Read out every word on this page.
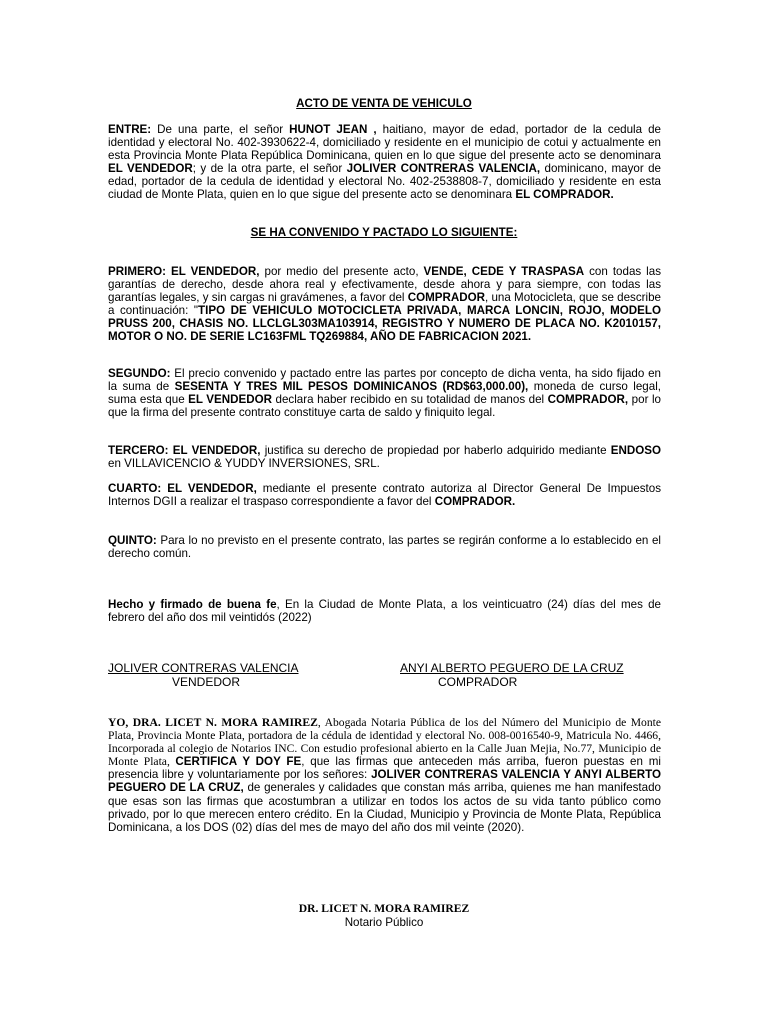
ACTO DE VENTA DE VEHICULO

ENTRE: De una parte, el señor HUNOT JEAN , haitiano, mayor de edad, portador de la cedula de identidad y electoral No. 402-3930622-4, domiciliado y residente en el municipio de cotui y actualmente en esta Provincia Monte Plata República Dominicana, quien en lo que sigue del presente acto se denominara EL VENDEDOR; y de la otra parte, el señor JOLIVER CONTRERAS VALENCIA, dominicano, mayor de edad, portador de la cedula de identidad y electoral No. 402-2538808-7, domiciliado y residente en esta ciudad de Monte Plata, quien en lo que sigue del presente acto se denominara EL COMPRADOR.

SE HA CONVENIDO Y PACTADO LO SIGUIENTE:

PRIMERO: EL VENDEDOR, por medio del presente acto, VENDE, CEDE Y TRASPASA con todas las garantías de derecho, desde ahora real y efectivamente, desde ahora y para siempre, con todas las garantías legales, y sin cargas ni gravámenes, a favor del COMPRADOR, una Motocicleta, que se describe a continuación: "TIPO DE VEHICULO MOTOCICLETA PRIVADA, MARCA LONCIN, ROJO, MODELO PRUSS 200, CHASIS NO. LLCLGL303MA103914, REGISTRO Y NUMERO DE PLACA NO. K2010157, MOTOR O NO. DE SERIE LC163FML TQ269884, AÑO DE FABRICACION 2021.

SEGUNDO: El precio convenido y pactado entre las partes por concepto de dicha venta, ha sido fijado en la suma de SESENTA Y TRES MIL PESOS DOMINICANOS (RD$63,000.00), moneda de curso legal, suma esta que EL VENDEDOR declara haber recibido en su totalidad de manos del COMPRADOR, por lo que la firma del presente contrato constituye carta de saldo y finiquito legal.

TERCERO: EL VENDEDOR, justifica su derecho de propiedad por haberlo adquirido mediante ENDOSO en VILLAVICENCIO & YUDDY INVERSIONES, SRL.

CUARTO: EL VENDEDOR, mediante el presente contrato autoriza al Director General De Impuestos Internos DGII a realizar el traspaso correspondiente a favor del COMPRADOR.

QUINTO: Para lo no previsto en el presente contrato, las partes se regirán conforme a lo establecido en el derecho común.

Hecho y firmado de buena fe, En la Ciudad de Monte Plata, a los veinticuatro (24) días del mes de febrero del año dos mil veintidós (2022)

JOLIVER CONTRERAS VALENCIA
VENDEDOR
ANYI ALBERTO PEGUERO DE LA CRUZ
COMPRADOR

YO, DRA. LICET N. MORA RAMIREZ, Abogada Notaria Pública de los del Número del Municipio de Monte Plata, Provincia Monte Plata, portadora de la cédula de identidad y electoral No. 008-0016540-9, Matricula No. 4466, Incorporada al colegio de Notarios INC. Con estudio profesional abierto en la Calle Juan Mejia, No.77, Municipio de Monte Plata, CERTIFICA Y DOY FE, que las firmas que anteceden más arriba, fueron puestas en mi presencia libre y voluntariamente por los señores: JOLIVER CONTRERAS VALENCIA Y ANYI ALBERTO PEGUERO DE LA CRUZ, de generales y calidades que constan más arriba, quienes me han manifestado que esas son las firmas que acostumbran a utilizar en todos los actos de su vida tanto público como privado, por lo que merecen entero crédito. En la Ciudad, Municipio y Provincia de Monte Plata, República Dominicana, a los DOS (02) días del mes de mayo del año dos mil veinte (2020).

DR. LICET N. MORA RAMIREZ
Notario Público
